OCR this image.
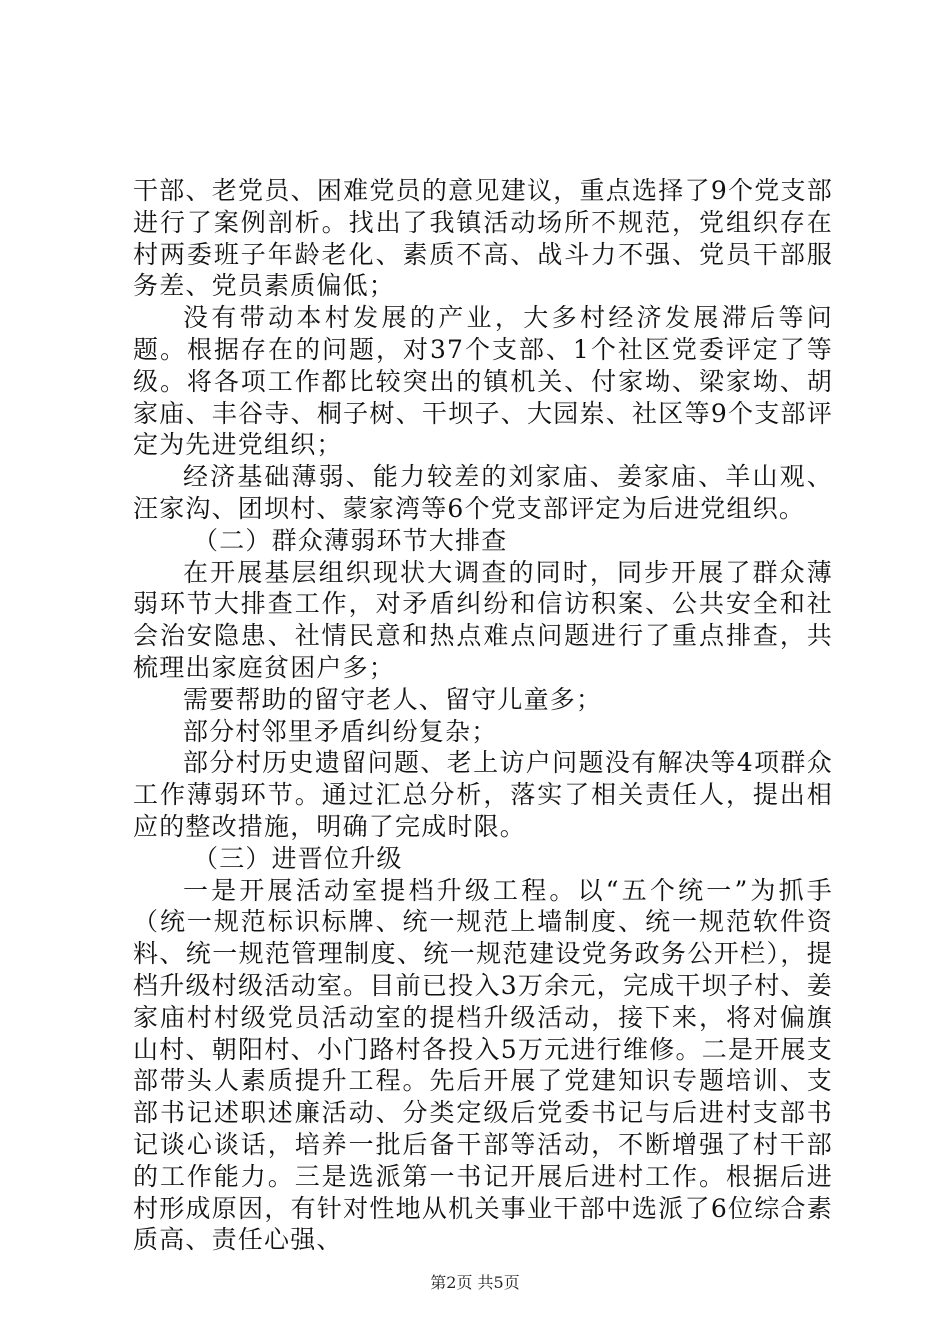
干部、老党员、困难党员的意见建议，重点选择了9个党支部进行了案例剖析。找出了我镇活动场所不规范，党组织存在村两委班子年龄老化、素质不高、战斗力不强、党员干部服务差、党员素质偏低；

没有带动本村发展的产业，大多村经济发展滞后等问题。根据存在的问题，对37个支部、1个社区党委评定了等级。将各项工作都比较突出的镇机关、付家坳、梁家坳、胡家庙、丰谷寺、桐子树、干坝子、大园岽、社区等9个支部评定为先进党组织；

经济基础薄弱、能力较差的刘家庙、姜家庙、羊山观、汪家沟、团坝村、蒙家湾等6个党支部评定为后进党组织。

（二）群众薄弱环节大排查

在开展基层组织现状大调查的同时，同步开展了群众薄弱环节大排查工作，对矛盾纠纷和信访积案、公共安全和社会治安隐患、社情民意和热点难点问题进行了重点排查，共梳理出家庭贫困户多；

需要帮助的留守老人、留守儿童多；

部分村邻里矛盾纠纷复杂；

部分村历史遗留问题、老上访户问题没有解决等4项群众工作薄弱环节。通过汇总分析，落实了相关责任人，提出相应的整改措施，明确了完成时限。

（三）进晋位升级

一是开展活动室提档升级工程。以“五个统一”为抓手（统一规范标识标牌、统一规范上墙制度、统一规范软件资料、统一规范管理制度、统一规范建设党务政务公开栏），提档升级村级活动室。目前已投入3万余元，完成干坝子村、姜家庙村村级党员活动室的提档升级活动，接下来，将对偏旗山村、朝阳村、小门路村各投入5万元进行维修。二是开展支部带头人素质提升工程。先后开展了党建知识专题培训、支部书记述职述廉活动、分类定级后党委书记与后进村支部书记谈心谈话，培养一批后备干部等活动，不断增强了村干部的工作能力。三是选派第一书记开展后进村工作。根据后进村形成原因，有针对性地从机关事业干部中选派了6位综合素质高、责任心强、

第2页 共5页
